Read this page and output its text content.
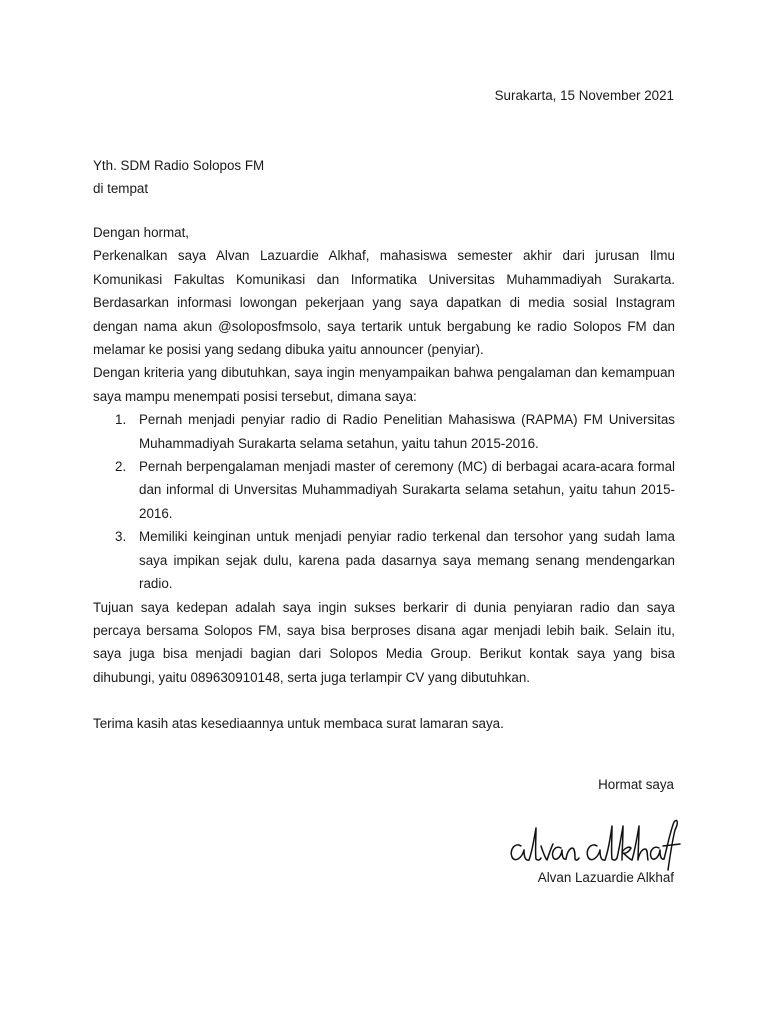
Surakarta, 15 November 2021
Yth. SDM Radio Solopos FM
di tempat

Dengan hormat,

Perkenalkan saya Alvan Lazuardie Alkhaf, mahasiswa semester akhir dari jurusan Ilmu Komunikasi Fakultas Komunikasi dan Informatika Universitas Muhammadiyah Surakarta. Berdasarkan informasi lowongan pekerjaan yang saya dapatkan di media sosial Instagram dengan nama akun @soloposfmsolo, saya tertarik untuk bergabung ke radio Solopos FM dan melamar ke posisi yang sedang dibuka yaitu announcer (penyiar).

Dengan kriteria yang dibutuhkan, saya ingin menyampaikan bahwa pengalaman dan kemampuan saya mampu menempati posisi tersebut, dimana saya:

1. Pernah menjadi penyiar radio di Radio Penelitian Mahasiswa (RAPMA) FM Universitas Muhammadiyah Surakarta selama setahun, yaitu tahun 2015-2016.
2. Pernah berpengalaman menjadi master of ceremony (MC) di berbagai acara-acara formal dan informal di Unversitas Muhammadiyah Surakarta selama setahun, yaitu tahun 2015-2016.
3. Memiliki keinginan untuk menjadi penyiar radio terkenal dan tersohor yang sudah lama saya impikan sejak dulu, karena pada dasarnya saya memang senang mendengarkan radio.

Tujuan saya kedepan adalah saya ingin sukses berkarir di dunia penyiaran radio dan saya percaya bersama Solopos FM, saya bisa berproses disana agar menjadi lebih baik. Selain itu, saya juga bisa menjadi bagian dari Solopos Media Group. Berikut kontak saya yang bisa dihubungi, yaitu 089630910148, serta juga terlampir CV yang dibutuhkan.

Terima kasih atas kesediaannya untuk membaca surat lamaran saya.

Hormat saya
Alvan Lazuardie Alkhaf
